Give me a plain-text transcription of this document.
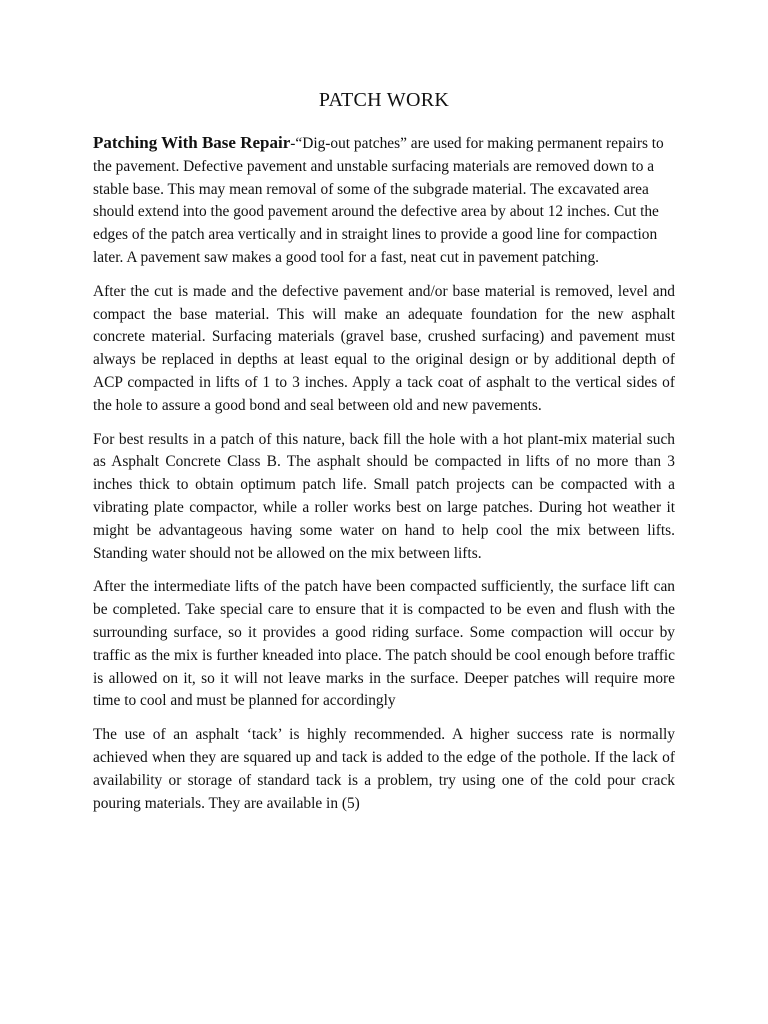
PATCH WORK

Patching With Base Repair-“Dig-out patches” are used for making permanent repairs to the pavement. Defective pavement and unstable surfacing materials are removed down to a stable base. This may mean removal of some of the subgrade material. The excavated area should extend into the good pavement around the defective area by about 12 inches. Cut the edges of the patch area vertically and in straight lines to provide a good line for compaction later. A pavement saw makes a good tool for a fast, neat cut in pavement patching.

After the cut is made and the defective pavement and/or base material is removed, level and compact the base material. This will make an adequate foundation for the new asphalt concrete material. Surfacing materials (gravel base, crushed surfacing) and pavement must always be replaced in depths at least equal to the original design or by additional depth of ACP compacted in lifts of 1 to 3 inches. Apply a tack coat of asphalt to the vertical sides of the hole to assure a good bond and seal between old and new pavements.

For best results in a patch of this nature, back fill the hole with a hot plant-mix material such as Asphalt Concrete Class B. The asphalt should be compacted in lifts of no more than 3 inches thick to obtain optimum patch life. Small patch projects can be compacted with a vibrating plate compactor, while a roller works best on large patches. During hot weather it might be advantageous having some water on hand to help cool the mix between lifts. Standing water should not be allowed on the mix between lifts.

After the intermediate lifts of the patch have been compacted sufficiently, the surface lift can be completed. Take special care to ensure that it is compacted to be even and flush with the surrounding surface, so it provides a good riding surface. Some compaction will occur by traffic as the mix is further kneaded into place. The patch should be cool enough before traffic is allowed on it, so it will not leave marks in the surface. Deeper patches will require more time to cool and must be planned for accordingly

The use of an asphalt ‘tack’ is highly recommended. A higher success rate is normally achieved when they are squared up and tack is added to the edge of the pothole. If the lack of availability or storage of standard tack is a problem, try using one of the cold pour crack pouring materials. They are available in (5)
